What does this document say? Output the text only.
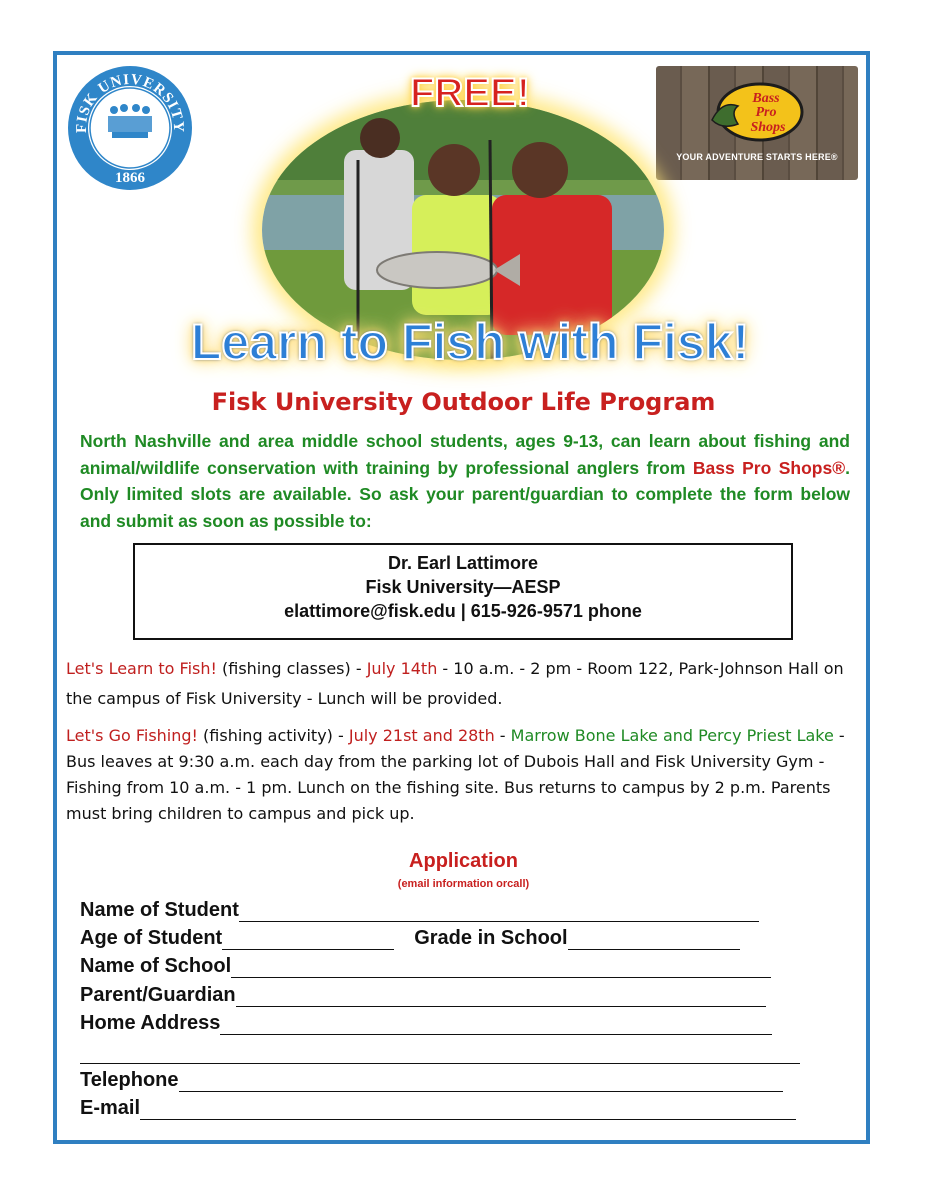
FISK UNIVERSITY
1866
Bass
Pro
Shops
YOUR ADVENTURE STARTS HERE®
FREE!
Learn to Fish with Fisk!
Fisk University Outdoor Life Program
North Nashville and area middle school students, ages 9-13, can learn about fishing and animal/wildlife conservation with training by professional anglers from Bass Pro Shops®. Only limited slots are available. So ask your parent/guardian to complete the form below and submit as soon as possible to:
Dr. Earl Lattimore
Fisk University—AESP
elattimore@fisk.edu | 615-926-9571 phone
Let's Learn to Fish! (fishing classes) - July 14th - 10 a.m. - 2 pm - Room 122, Park-Johnson Hall on the campus of Fisk University - Lunch will be provided.
Let's Go Fishing! (fishing activity) - July 21st and 28th - Marrow Bone Lake and Percy Priest Lake - Bus leaves at 9:30 a.m. each day from the parking lot of Dubois Hall and Fisk University Gym - Fishing from 10 a.m. - 1 pm. Lunch on the fishing site. Bus returns to campus by 2 p.m. Parents must bring children to campus and pick up.
Application
(email information orcall)
Name of Student
Age of Student	Grade in School
Name of School
Parent/Guardian
Home Address
Telephone
E-mail
